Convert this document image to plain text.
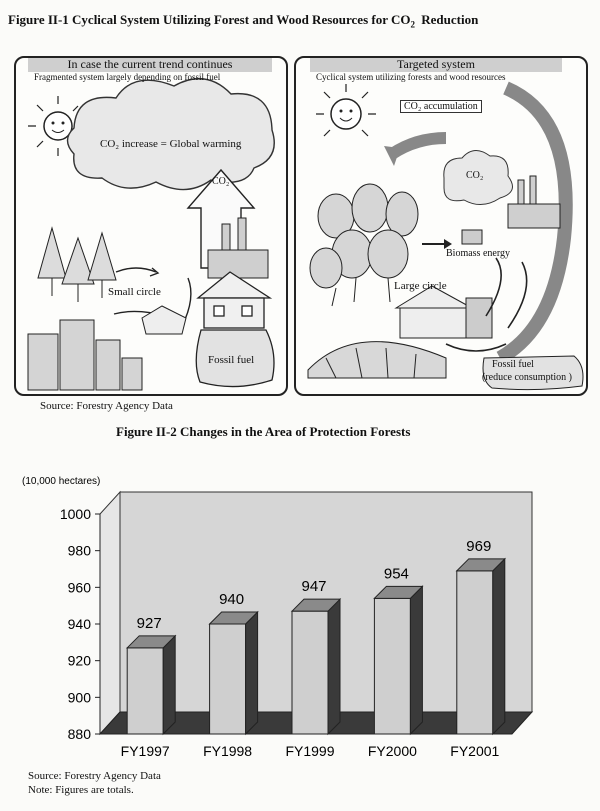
Figure II-1 Cyclical System Utilizing Forest and Wood Resources for $CO_2$ Reduction
In case the current trend continues
Fragmented system largely depending on fossil fuel
CO₂ increase = Global warming
CO₂
Small circle
Fossil fuel
Targeted system
Cyclical system utilizing forests and wood resources
CO₂ accumulation
CO₂
Biomass energy
Large circle
Fossil fuel
(reduce consumption )
Source: Forestry Agency Data
Figure II-2 Changes in the Area of Protection Forests
(10,000 hectares)
880
900
920
940
960
980
1000
927
940
947
954
969
FY1997 FY1998 FY1999 FY2000 FY2001
Source: Forestry Agency Data
Note: Figures are totals.
